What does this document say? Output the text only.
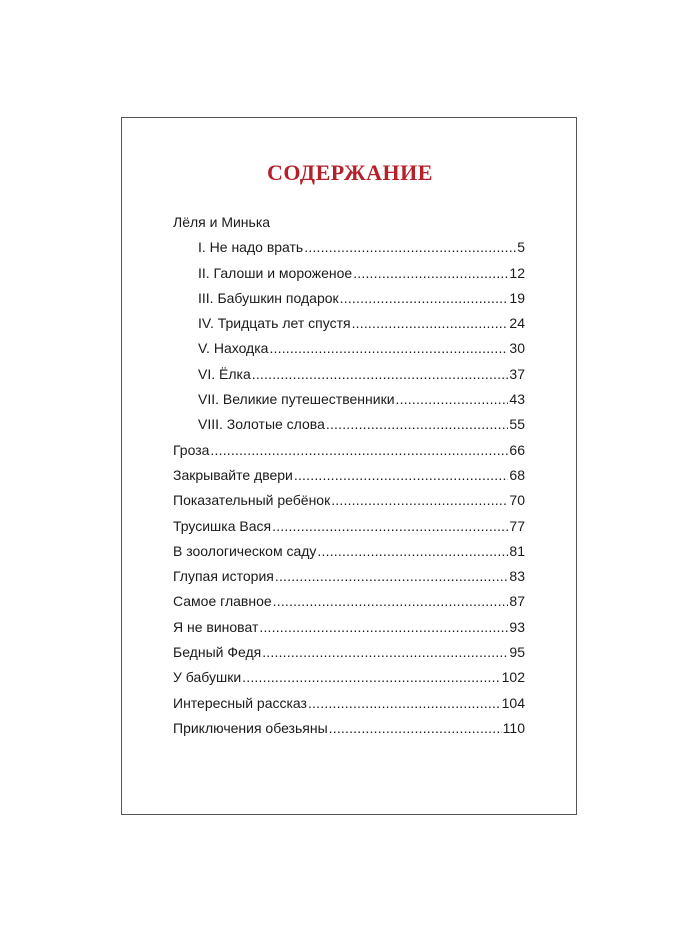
СОДЕРЖАНИЕ
Лёля и Минька
I. Не надо врать .....	5
II. Галоши и мороженое .....	12
III. Бабушкин подарок .....	19
IV. Тридцать лет спустя .....	24
V. Находка .....	30
VI. Ёлка .....	37
VII. Великие путешественники .....	43
VIII. Золотые слова .....	55
Гроза .....	66
Закрывайте двери .....	68
Показательный ребёнок .....	70
Трусишка Вася .....	77
В зоологическом саду .....	81
Глупая история .....	83
Самое главное .....	87
Я не виноват .....	93
Бедный Федя .....	95
У бабушки .....	102
Интересный рассказ .....	104
Приключения обезьяны .....	110
